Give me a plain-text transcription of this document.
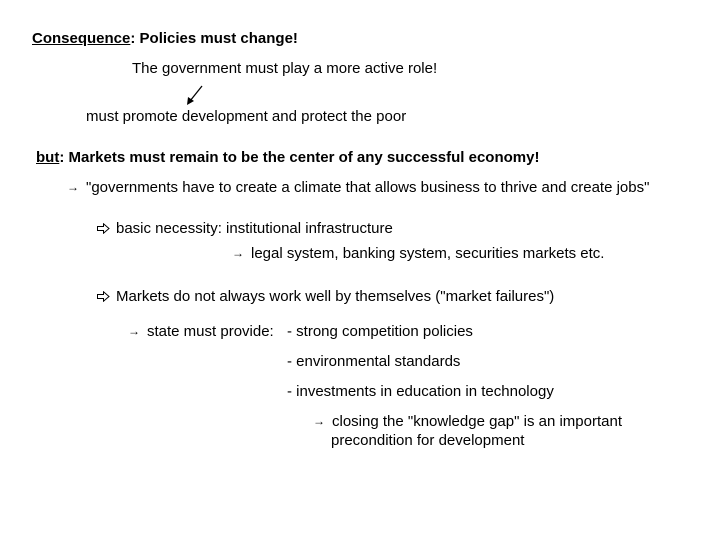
Consequence: Policies must change!
The government must play a more active role!
must promote development and protect the poor
but: Markets must remain to be the center of any successful economy!
→ "governments have to create a climate that allows business to thrive and create jobs"
basic necessity: institutional infrastructure
→ legal system, banking system, securities markets etc.
Markets do not always work well by themselves ("market failures")
→ state must provide: - strong competition policies
- environmental standards
- investments in education in technology
→ closing the "knowledge gap" is an important
precondition for development
